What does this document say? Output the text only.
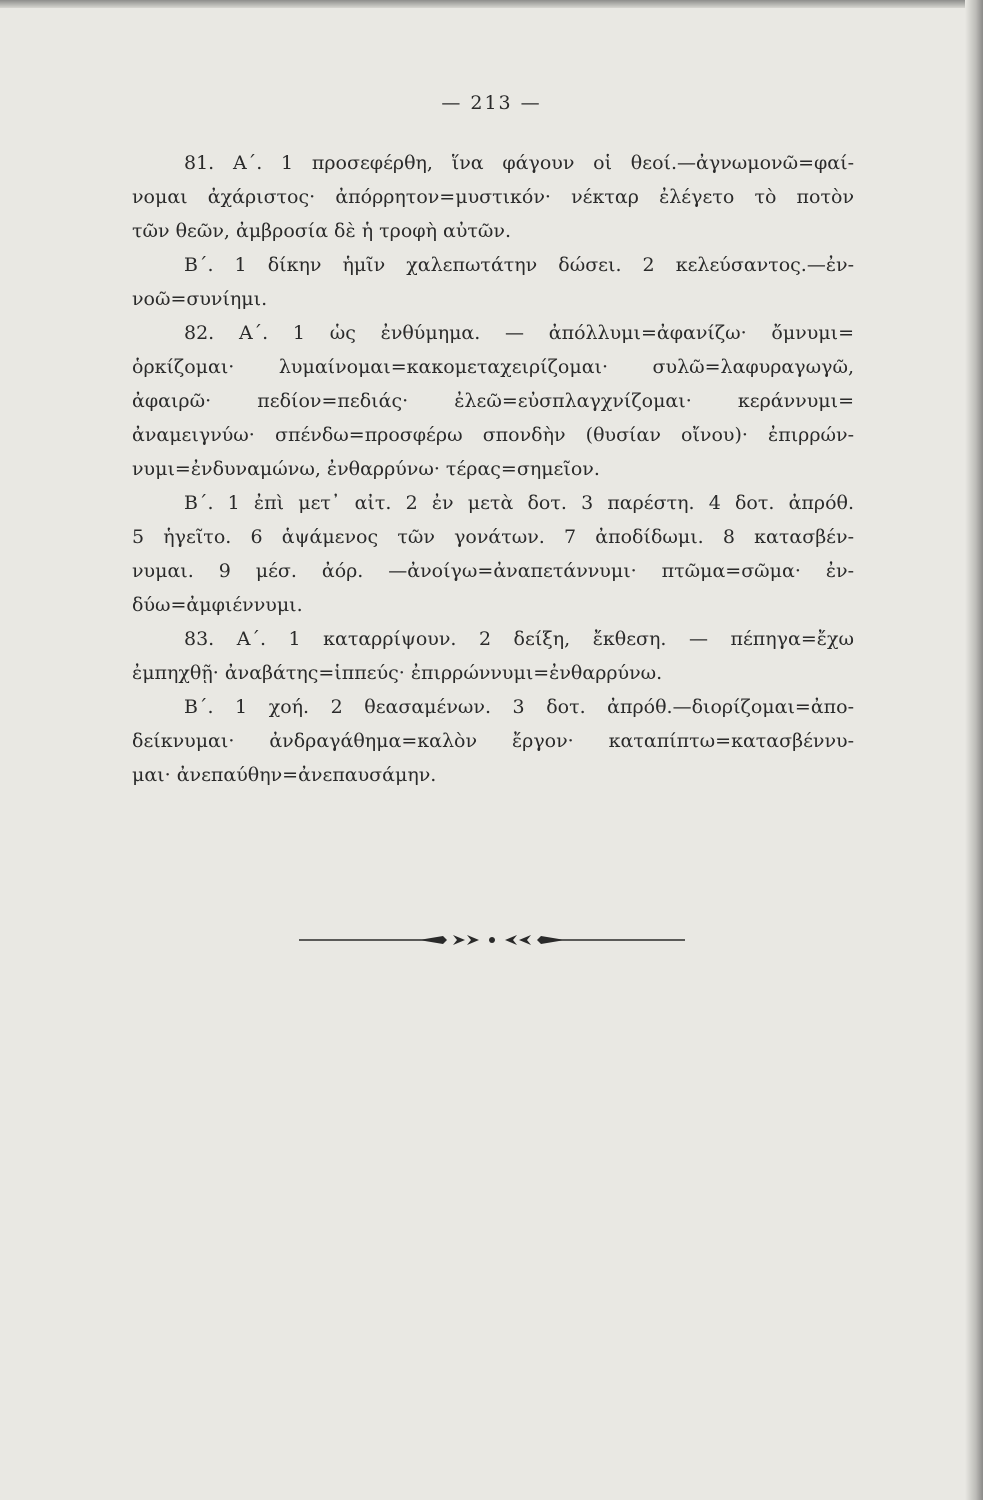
— 213 —
81. Α΄. 1 προσεφέρθη, ἵνα φάγουν οἱ θεοί.—ἀγνωμονῶ=φαί-
νομαι ἀχάριστος· ἀπόρρητον=μυστικόν· νέκταρ ἐλέγετο τὸ ποτὸν
τῶν θεῶν, ἀμβροσία δὲ ἡ τροφὴ αὐτῶν.
Β΄. 1 δίκην ἡμῖν χαλεπωτάτην δώσει. 2 κελεύσαντος.—ἐν-
νοῶ=συνίημι.
82. Α΄. 1 ὡς ἐνθύμημα. — ἀπόλλυμι=ἀφανίζω· ὄμνυμι=
ὁρκίζομαι· λυμαίνομαι=κακομεταχειρίζομαι· συλῶ=λαφυραγωγῶ,
ἀφαιρῶ· πεδίον=πεδιάς· ἐλεῶ=εὐσπλαγχνίζομαι· κεράννυμι=
ἀναμειγνύω· σπένδω=προσφέρω σπονδὴν (θυσίαν οἴνου)· ἐπιρρών-
νυμι=ἐνδυναμώνω, ἐνθαρρύνω· τέρας=σημεῖον.
Β΄. 1 ἐπὶ μετ᾽ αἰτ. 2 ἐν μετὰ δοτ. 3 παρέστη. 4 δοτ. ἀπρόθ.
5 ἡγεῖτο. 6 ἁψάμενος τῶν γονάτων. 7 ἀποδίδωμι. 8 κατασβέν-
νυμαι. 9 μέσ. ἀόρ. —ἀνοίγω=ἀναπετάννυμι· πτῶμα=σῶμα· ἐν-
δύω=ἀμφιέννυμι.
83. Α΄. 1 καταρρίψουν. 2 δείξη, ἔκθεση. — πέπηγα=ἔχω
ἐμπηχθῇ· ἀναβάτης=ἱππεύς· ἐπιρρώννυμι=ἐνθαρρύνω.
Β΄. 1 χοή. 2 θεασαμένων. 3 δοτ. ἀπρόθ.—διορίζομαι=ἀπο-
δείκνυμαι· ἀνδραγάθημα=καλὸν ἔργον· καταπίπτω=κατασβέννυ-
μαι· ἀνεπαύθην=ἀνεπαυσάμην.
